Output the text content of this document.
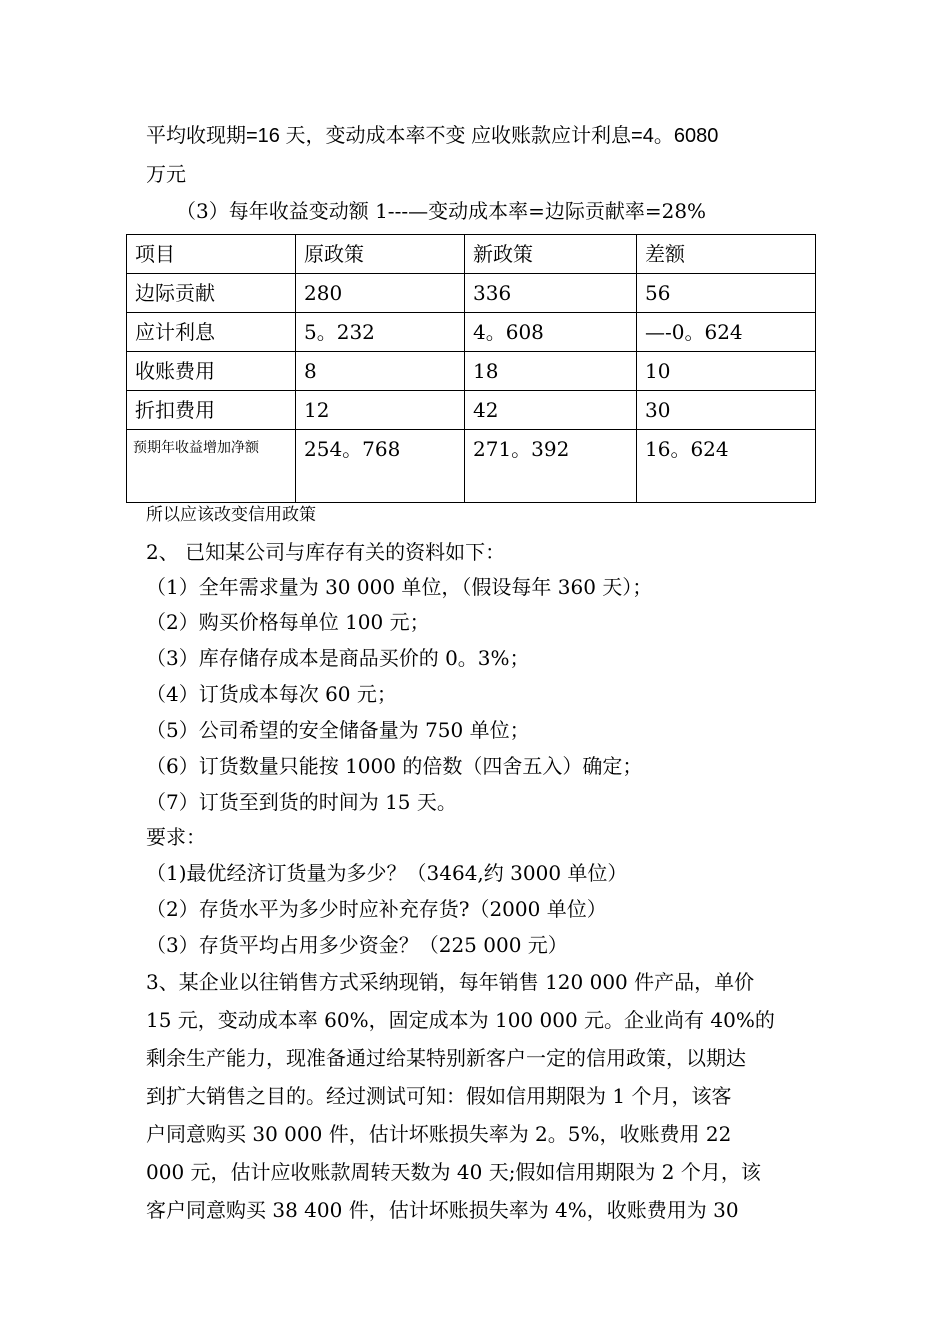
平均收现期=16 天，变动成本率不变 应收账款应计利息=4。6080
万元
（3）每年收益变动额 1---—变动成本率=边际贡献率=28%
项目	原政策	新政策	差额
边际贡献	280	336	56
应计利息	5。232	4。608	—-0。624
收账费用	8	18	10
折扣费用	12	42	30
预期年收益增加净额	254。768	271。392	16。624
所以应该改变信用政策
2、 已知某公司与库存有关的资料如下：
（1）全年需求量为 30 000 单位，（假设每年 360 天）；
（2）购买价格每单位 100 元；
（3）库存储存成本是商品买价的 0。3%；
（4）订货成本每次 60 元；
（5）公司希望的安全储备量为 750 单位；
（6）订货数量只能按 1000 的倍数（四舍五入）确定；
（7）订货至到货的时间为 15 天。
要求：
（1)最优经济订货量为多少？（3464,约 3000 单位）
（2）存货水平为多少时应补充存货?（2000 单位）
（3）存货平均占用多少资金？（225 000 元）
3、某企业以往销售方式采纳现销，每年销售 120 000 件产品，单价
15 元，变动成本率 60%，固定成本为 100 000 元。企业尚有 40%的
剩余生产能力，现准备通过给某特别新客户一定的信用政策，以期达
到扩大销售之目的。经过测试可知：假如信用期限为 1 个月，该客
户同意购买 30 000 件，估计坏账损失率为 2。5%，收账费用 22
000 元，估计应收账款周转天数为 40 天;假如信用期限为 2 个月，该
客户同意购买 38 400 件，估计坏账损失率为 4%，收账费用为 30
